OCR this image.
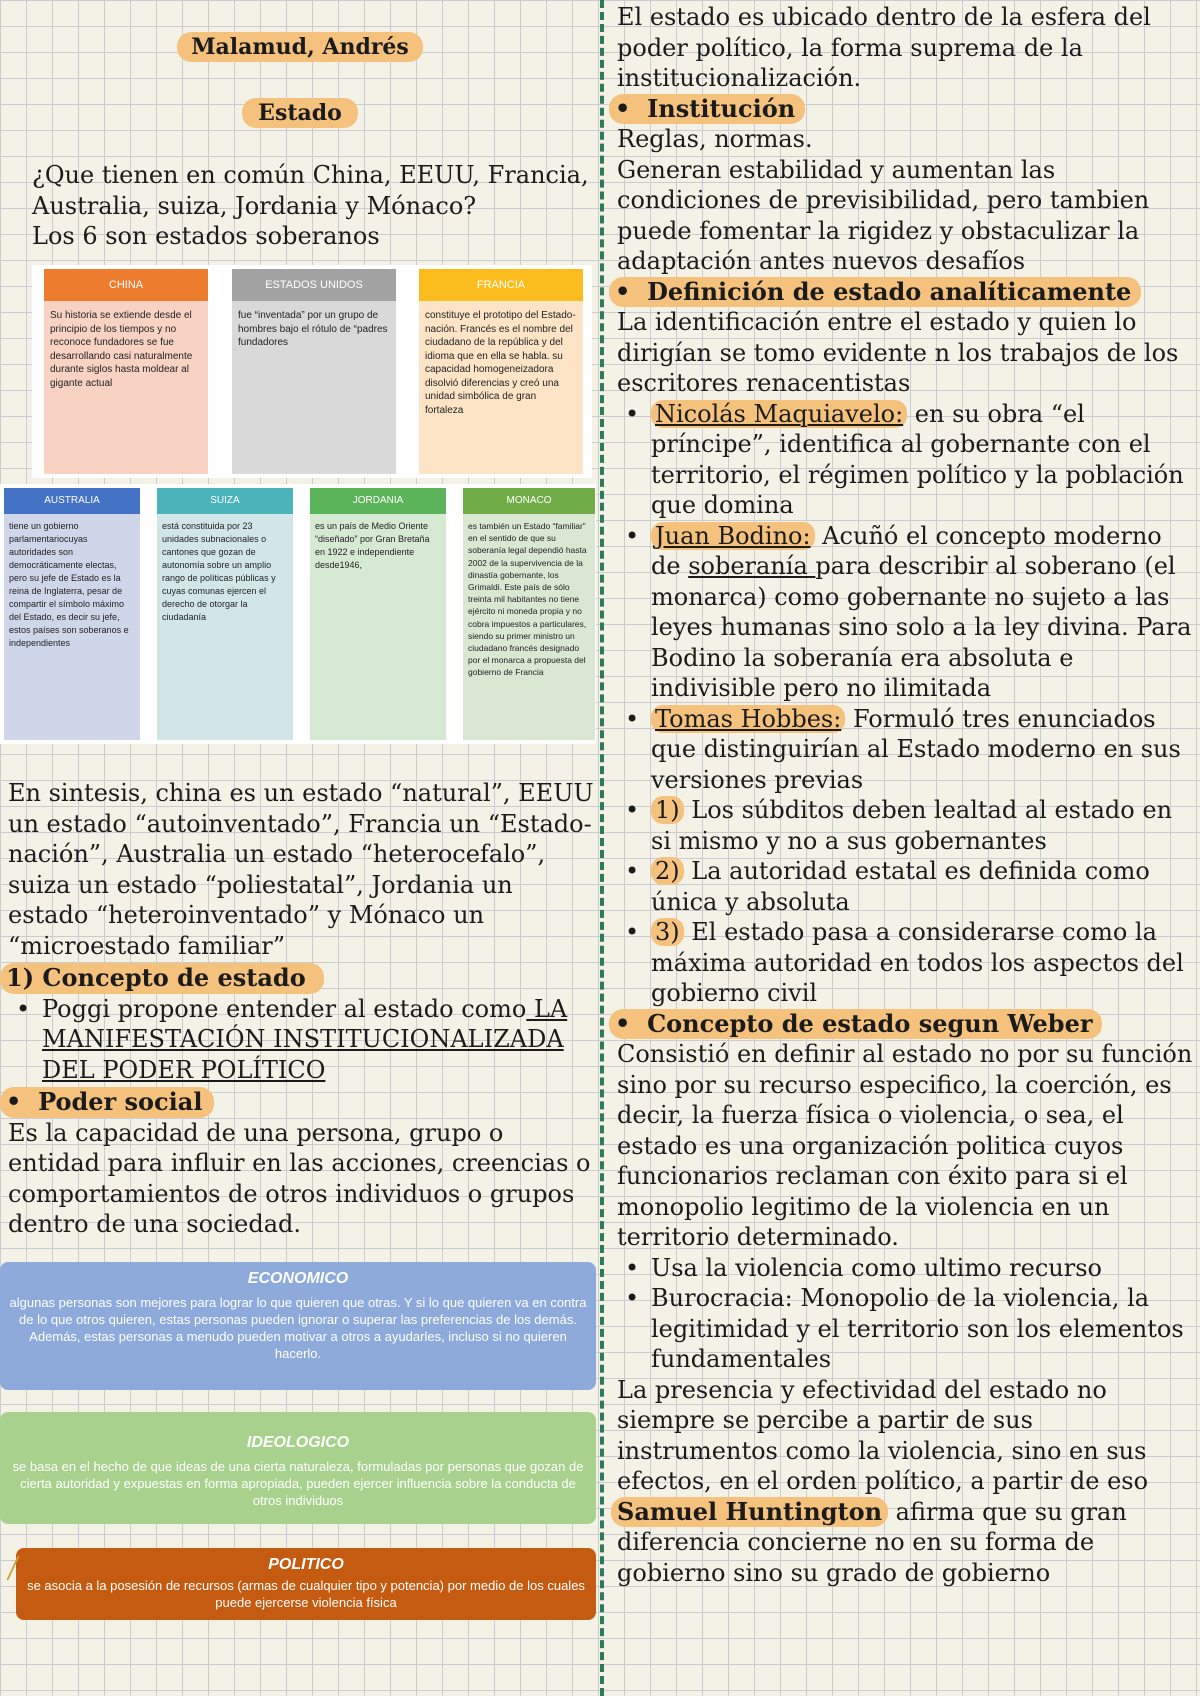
Malamud, Andrés
Estado

¿Que tienen en común China, EEUU, Francia, Australia, suiza, Jordania y Mónaco?

Los 6 son estados soberanos

CHINA
Su historia se extiende desde el principio de los tiempos y no reconoce fundadores se fue desarrollando casi naturalmente durante siglos hasta moldear al gigante actual
ESTADOS UNIDOS
fue “inventada” por un grupo de hombres bajo el rótulo de “padres fundadores
FRANCIA
constituye el prototipo del Estado-nación. Francés es el nombre del ciudadano de la república y del idioma que en ella se habla. su capacidad homogeneizadora disolvió diferencias y creó una unidad simbólica de gran fortaleza
AUSTRALIA
tiene un gobierno parlamentariocuyas autoridades son democráticamente electas, pero su jefe de Estado es la reina de Inglaterra, pesar de compartir el símbolo máximo del Estado, es decir su jefe, estos países son soberanos e independientes
SUIZA
está constituida por 23 unidades subnacionales o cantones que gozan de autonomía sobre un amplio rango de políticas públicas y cuyas comunas ejercen el derecho de otorgar la ciudadanía
JORDANIA
es un país de Medio Oriente “diseñado” por Gran Bretaña en 1922 e independiente desde1946,
MONACO
es también un Estado “familiar” en el sentido de que su soberanía legal dependió hasta 2002 de la supervivencia de la dinastía gobernante, los Grimaldi. Este país de sólo treinta mil habitantes no tiene ejército ni moneda propia y no cobra impuestos a particulares, siendo su primer ministro un ciudadano francés designado por el monarca a propuesta del gobierno de Francia

En sintesis, china es un estado “natural”, EEUU un estado “autoinventado”, Francia un “Estado-nación”, Australia un estado “heterocefalo”, suiza un estado “poliestatal”, Jordania un estado “heteroinventado” y Mónaco un “microestado familiar”

1) Concepto de estado

• Poggi propone entender al estado como LA MANIFESTACIÓN INSTITUCIONALIZADA DEL PODER POLÍTICO

•  Poder social

Es la capacidad de una persona, grupo o entidad para influir en las acciones, creencias o comportamientos de otros individuos o grupos dentro de una sociedad.

ECONOMICO

algunas personas son mejores para lograr lo que quieren que otras. Y si lo que quieren va en contra de lo que otros quieren, estas personas pueden ignorar o superar las preferencias de los demás. Además, estas personas a menudo pueden motivar a otros a ayudarles, incluso si no quieren hacerlo.

IDEOLOGICO

se basa en el hecho de que ideas de una cierta naturaleza, formuladas por personas que gozan de cierta autoridad y expuestas en forma apropiada, pueden ejercer influencia sobre la conducta de otros individuos

POLITICO

se asocia a la posesión de recursos (armas de cualquier tipo y potencia) por medio de los cuales puede ejercerse violencia física

El estado es ubicado dentro de la esfera del poder político, la forma suprema de la institucionalización.

•  Institución

Reglas, normas.

Generan estabilidad y aumentan las condiciones de previsibilidad, pero tambien puede fomentar la rigidez y obstaculizar la adaptación antes nuevos desafíos

•  Definición de estado analíticamente

La identificación entre el estado y quien lo dirigían se tomo evidente n los trabajos de los escritores renacentistas

• Nicolás Maquiavelo: en su obra “el príncipe”, identifica al gobernante con el territorio, el régimen político y la población que domina

• Juan Bodino: Acuñó el concepto moderno de soberanía para describir al soberano (el monarca) como gobernante no sujeto a las leyes humanas sino solo a la ley divina. Para Bodino la soberanía era absoluta e indivisible pero no ilimitada

• Tomas Hobbes: Formuló tres enunciados que distinguirían al Estado moderno en sus versiones previas

• 1) Los súbditos deben lealtad al estado en si mismo y no a sus gobernantes

• 2) La autoridad estatal es definida como única y absoluta

• 3) El estado pasa a considerarse como la máxima autoridad en todos los aspectos del gobierno civil

•  Concepto de estado segun Weber

Consistió en definir al estado no por su función sino por su recurso especifico, la coerción, es decir, la fuerza física o violencia, o sea, el estado es una organización politica cuyos funcionarios reclaman con éxito para si el monopolio legitimo de la violencia en un territorio determinado.

• Usa la violencia como ultimo recurso

• Burocracia: Monopolio de la violencia, la legitimidad y el territorio son los elementos fundamentales

La presencia y efectividad del estado no siempre se percibe a partir de sus instrumentos como la violencia, sino en sus efectos, en el orden político, a partir de eso

Samuel Huntington afirma que su gran diferencia concierne no en su forma de gobierno sino su grado de gobierno
